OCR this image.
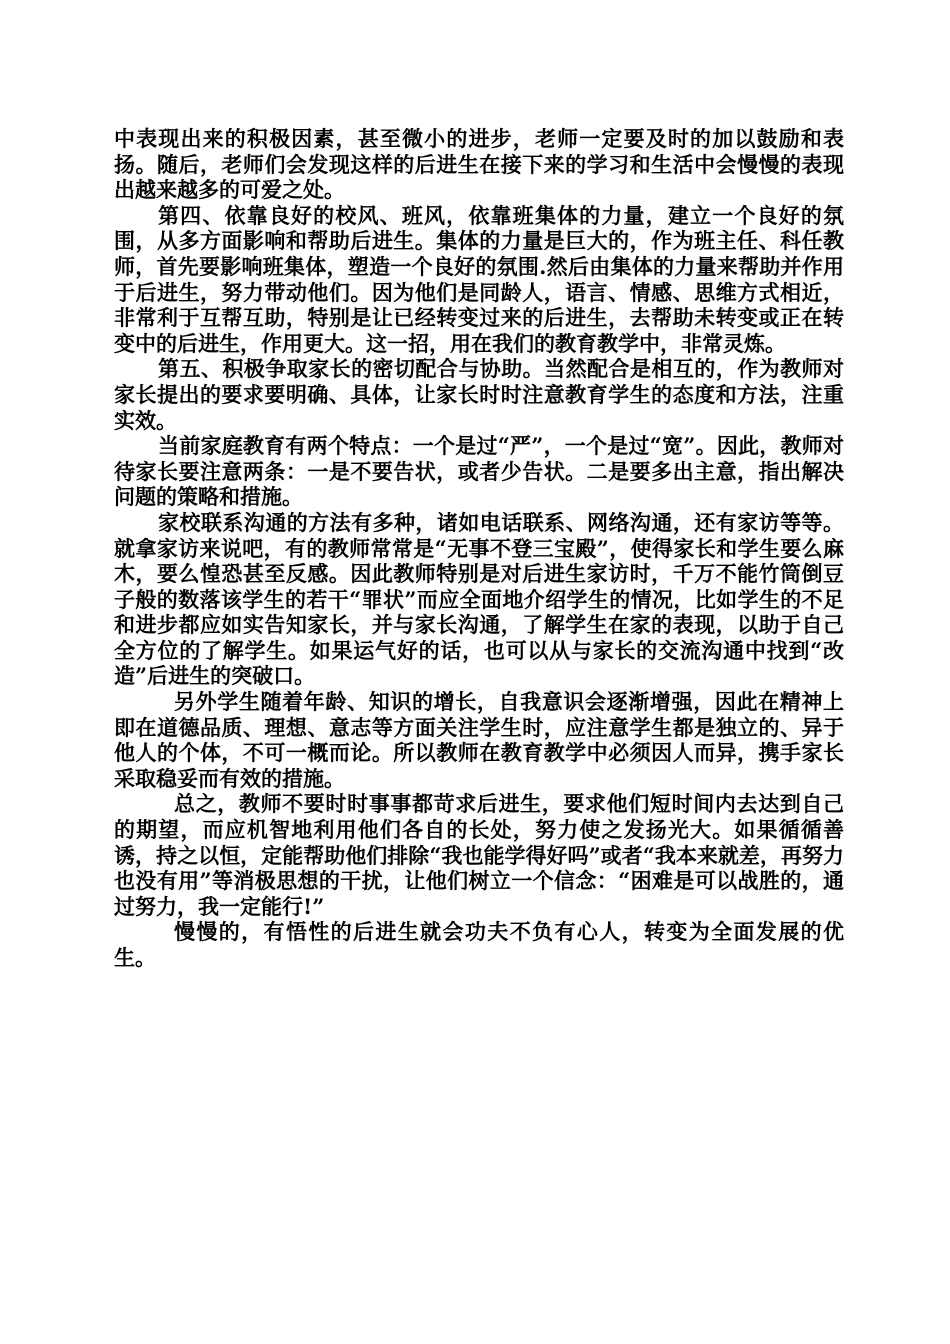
中表现出来的积极因素，甚至微小的进步，老师一定要及时的加以鼓励和表扬。随后，老师们会发现这样的后进生在接下来的学习和生活中会慢慢的表现出越来越多的可爱之处。

第四、依靠良好的校风、班风，依靠班集体的力量，建立一个良好的氛围，从多方面影响和帮助后进生。集体的力量是巨大的，作为班主任、科任教师，首先要影响班集体，塑造一个良好的氛围.然后由集体的力量来帮助并作用于后进生，努力带动他们。因为他们是同龄人，语言、情感、思维方式相近，非常利于互帮互助，特别是让已经转变过来的后进生，去帮助未转变或正在转变中的后进生，作用更大。这一招，用在我们的教育教学中，非常灵炼。

第五、积极争取家长的密切配合与协助。当然配合是相互的，作为教师对家长提出的要求要明确、具体，让家长时时注意教育学生的态度和方法，注重实效。

当前家庭教育有两个特点：一个是过“严”，一个是过“宽”。因此，教师对待家长要注意两条：一是不要告状，或者少告状。二是要多出主意，指出解决问题的策略和措施。

家校联系沟通的方法有多种，诸如电话联系、网络沟通，还有家访等等。就拿家访来说吧，有的教师常常是“无事不登三宝殿”，使得家长和学生要么麻木，要么惶恐甚至反感。因此教师特别是对后进生家访时，千万不能竹筒倒豆子般的数落该学生的若干“罪状”而应全面地介绍学生的情况，比如学生的不足和进步都应如实告知家长，并与家长沟通，了解学生在家的表现，以助于自己全方位的了解学生。如果运气好的话，也可以从与家长的交流沟通中找到“改造”后进生的突破口。

另外学生随着年龄、知识的增长，自我意识会逐渐增强，因此在精神上即在道德品质、理想、意志等方面关注学生时，应注意学生都是独立的、异于他人的个体，不可一概而论。所以教师在教育教学中必须因人而异，携手家长采取稳妥而有效的措施。

总之，教师不要时时事事都苛求后进生，要求他们短时间内去达到自己的期望，而应机智地利用他们各自的长处，努力使之发扬光大。如果循循善诱，持之以恒，定能帮助他们排除“我也能学得好吗”或者“我本来就差，再努力也没有用”等消极思想的干扰，让他们树立一个信念：“困难是可以战胜的，通过努力，我一定能行!”

慢慢的，有悟性的后进生就会功夫不负有心人，转变为全面发展的优生。
